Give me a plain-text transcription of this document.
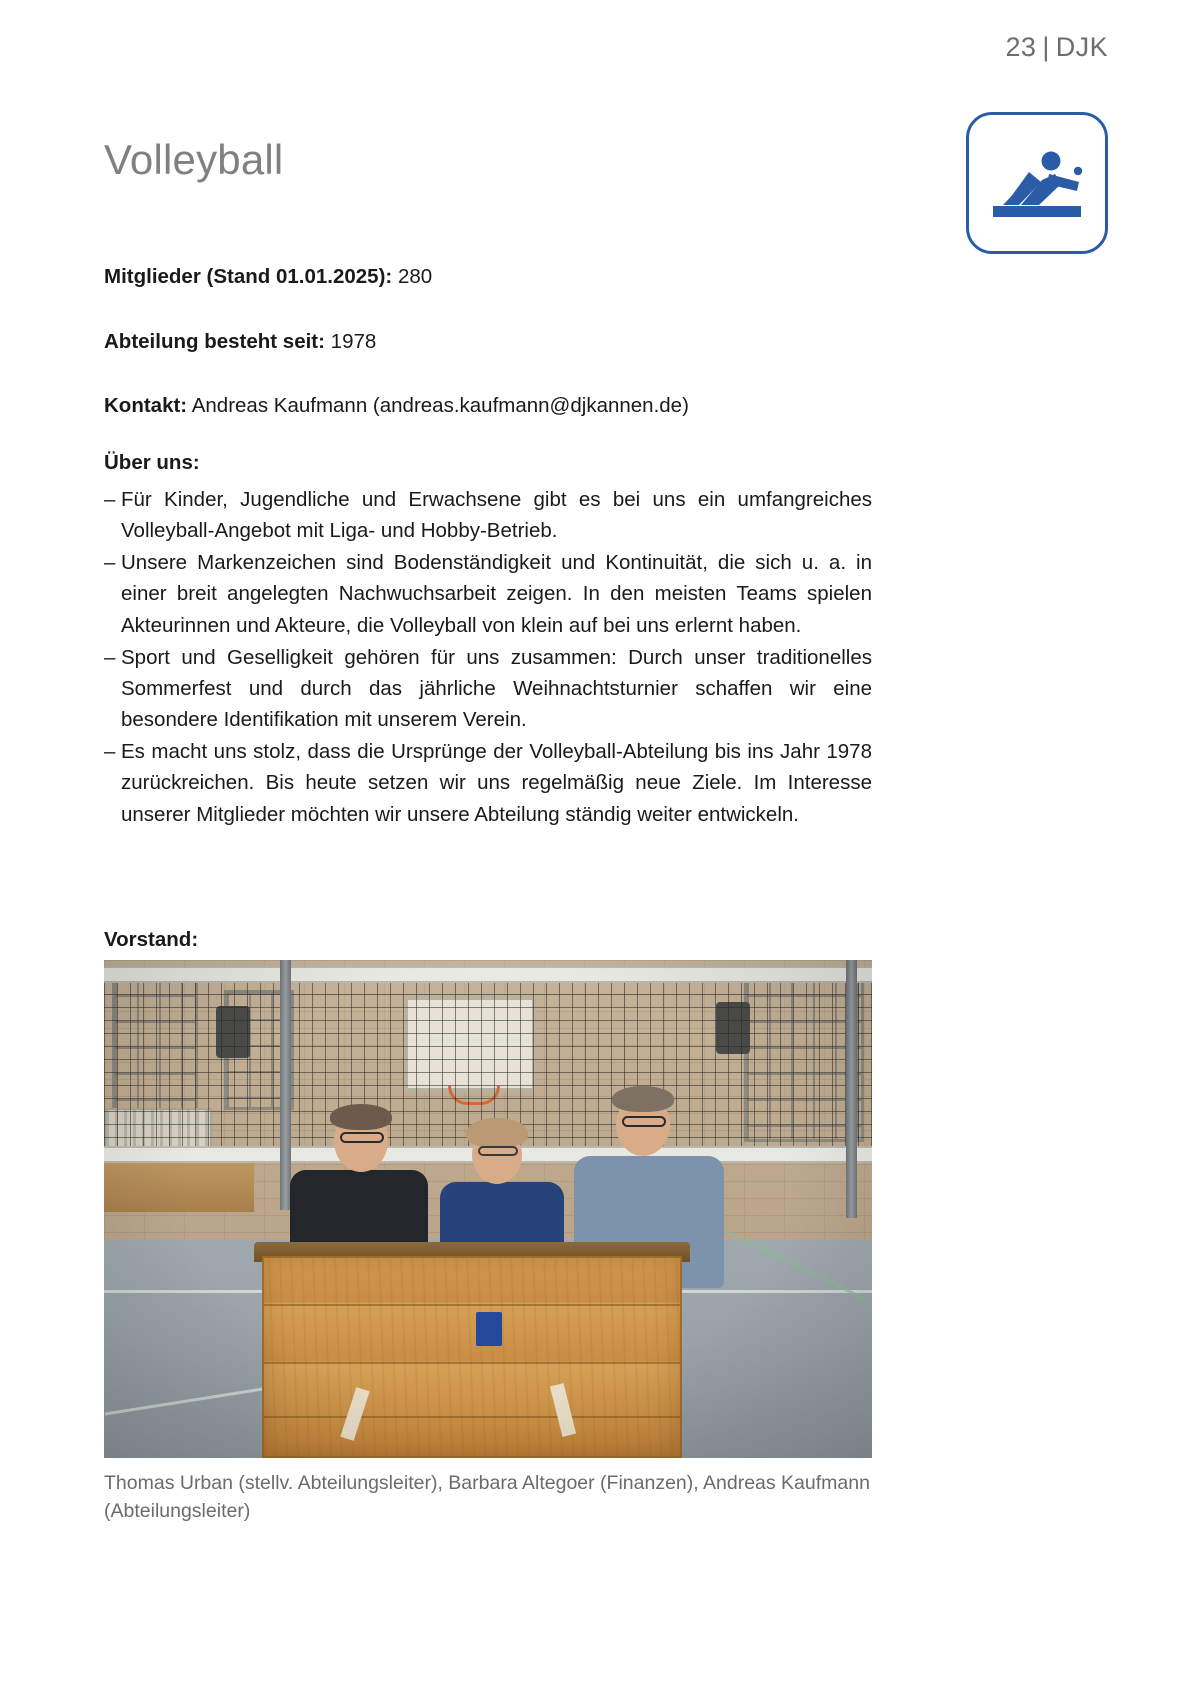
23 | DJK
Volleyball
Mitglieder (Stand 01.01.2025): 280
Abteilung besteht seit: 1978
Kontakt: Andreas Kaufmann (andreas.kaufmann@djkannen.de)
Über uns:
– Für Kinder, Jugendliche und Erwachsene gibt es bei uns ein umfangreiches Volleyball-Angebot mit Liga- und Hobby-Betrieb.
– Unsere Markenzeichen sind Bodenständigkeit und Kontinuität, die sich u. a. in einer breit angelegten Nachwuchsarbeit zeigen. In den meisten Teams spielen Akteurinnen und Akteure, die Volleyball von klein auf bei uns erlernt haben.
– Sport und Geselligkeit gehören für uns zusammen: Durch unser traditionelles Sommerfest und durch das jährliche Weihnachtsturnier schaffen wir eine besondere Identifikation mit unserem Verein.
– Es macht uns stolz, dass die Ursprünge der Volleyball-Abteilung bis ins Jahr 1978 zurückreichen. Bis heute setzen wir uns regelmäßig neue Ziele. Im Interesse unserer Mitglieder möchten wir unsere Abteilung ständig weiter entwickeln.
Vorstand:
Thomas Urban (stellv. Abteilungsleiter), Barbara Altegoer (Finanzen), Andreas Kaufmann (Abteilungsleiter)
